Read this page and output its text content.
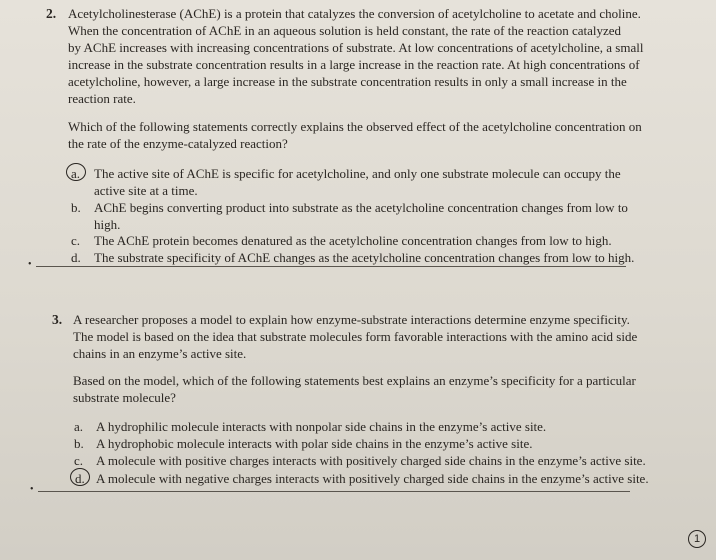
2. Acetylcholinesterase (AChE) is a protein that catalyzes the conversion of acetylcholine to acetate and choline.
When the concentration of AChE in an aqueous solution is held constant, the rate of the reaction catalyzed
by AChE increases with increasing concentrations of substrate. At low concentrations of acetylcholine, a small
increase in the substrate concentration results in a large increase in the reaction rate. At high concentrations of
acetylcholine, however, a large increase in the substrate concentration results in only a small increase in the
reaction rate.
Which of the following statements correctly explains the observed effect of the acetylcholine concentration on
the rate of the enzyme-catalyzed reaction?
a. The active site of AChE is specific for acetylcholine, and only one substrate molecule can occupy the
active site at a time.
b. AChE begins converting product into substrate as the acetylcholine concentration changes from low to
high.
c. The AChE protein becomes denatured as the acetylcholine concentration changes from low to high.
d. The substrate specificity of AChE changes as the acetylcholine concentration changes from low to high.
•
3. A researcher proposes a model to explain how enzyme-substrate interactions determine enzyme specificity.
The model is based on the idea that substrate molecules form favorable interactions with the amino acid side
chains in an enzyme’s active site.
Based on the model, which of the following statements best explains an enzyme’s specificity for a particular
substrate molecule?
a. A hydrophilic molecule interacts with nonpolar side chains in the enzyme’s active site.
b. A hydrophobic molecule interacts with polar side chains in the enzyme’s active site.
c. A molecule with positive charges interacts with positively charged side chains in the enzyme’s active site.
d. A molecule with negative charges interacts with positively charged side chains in the enzyme’s active site.
•
1
